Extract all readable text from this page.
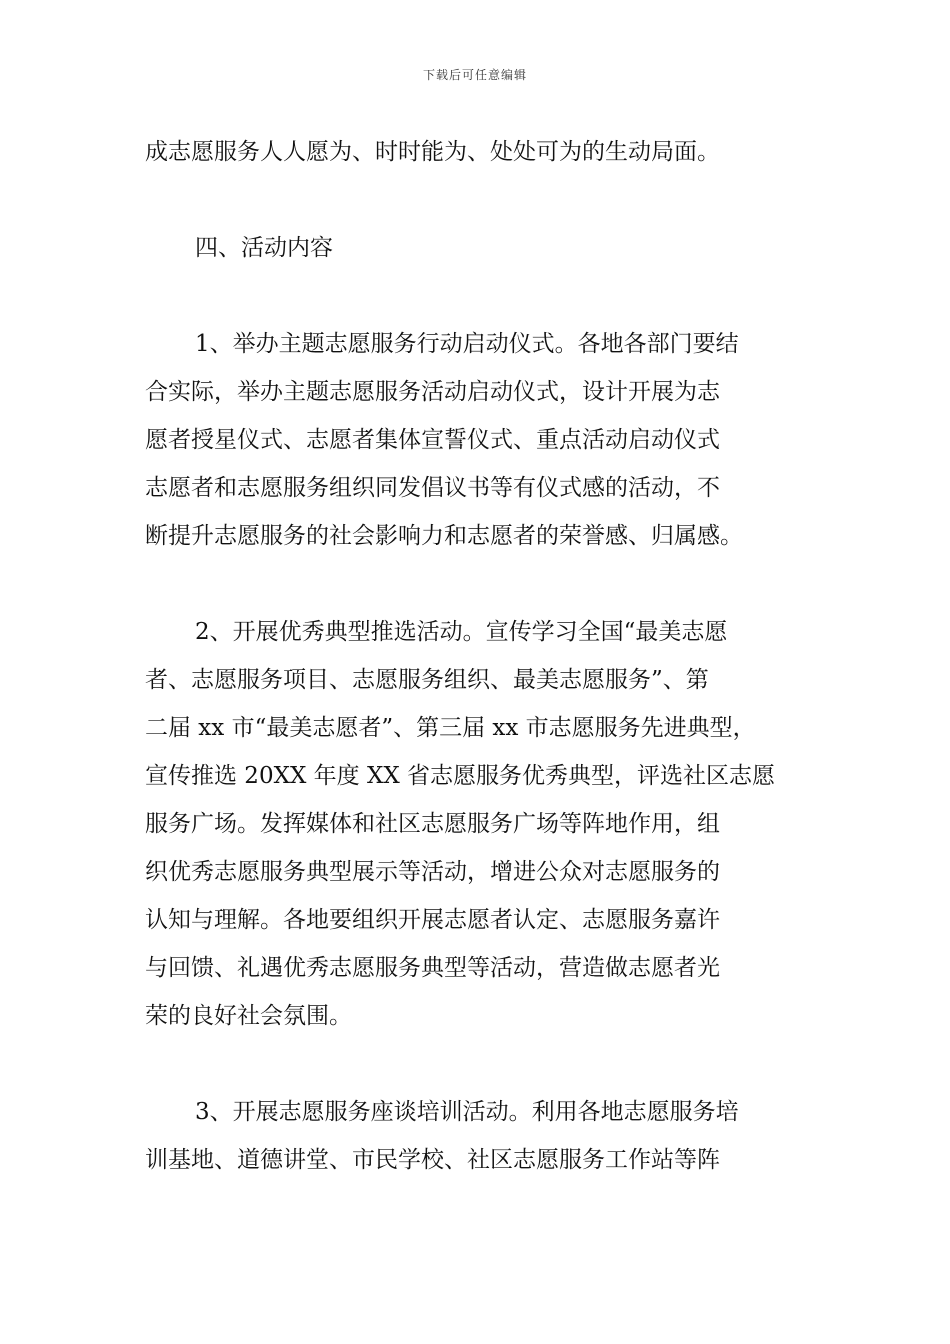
下载后可任意编辑
成志愿服务人人愿为、时时能为、处处可为的生动局面。
四、活动内容
1、举办主题志愿服务行动启动仪式。各地各部门要结
合实际，举办主题志愿服务活动启动仪式，设计开展为志
愿者授星仪式、志愿者集体宣誓仪式、重点活动启动仪式
志愿者和志愿服务组织同发倡议书等有仪式感的活动，不
断提升志愿服务的社会影响力和志愿者的荣誉感、归属感。
2、开展优秀典型推选活动。宣传学习全国“最美志愿
者、志愿服务项目、志愿服务组织、最美志愿服务”、第
二届 xx 市“最美志愿者”、第三届 xx 市志愿服务先进典型，
宣传推选 20XX 年度 XX 省志愿服务优秀典型，评选社区志愿
服务广场。发挥媒体和社区志愿服务广场等阵地作用，组
织优秀志愿服务典型展示等活动，增进公众对志愿服务的
认知与理解。各地要组织开展志愿者认定、志愿服务嘉许
与回馈、礼遇优秀志愿服务典型等活动，营造做志愿者光
荣的良好社会氛围。
3、开展志愿服务座谈培训活动。利用各地志愿服务培
训基地、道德讲堂、市民学校、社区志愿服务工作站等阵
